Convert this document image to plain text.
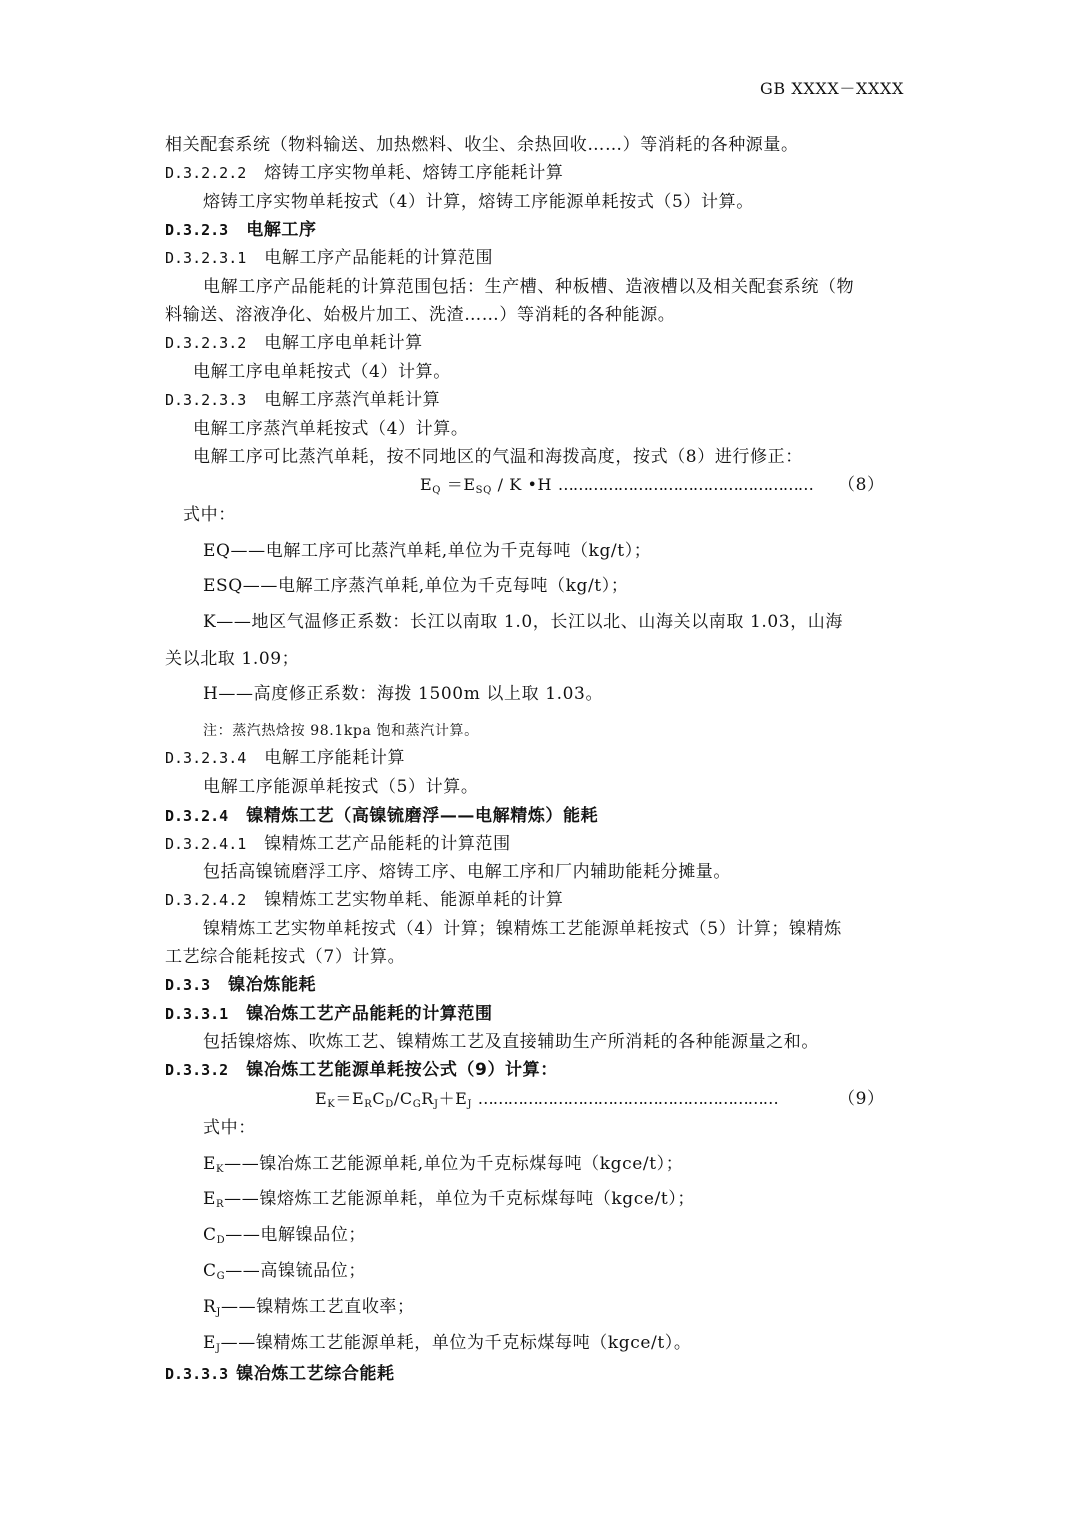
GB XXXX－XXXX
相关配套系统（物料输送、加热燃料、收尘、余热回收……）等消耗的各种源量。
D.3.2.2.2 熔铸工序实物单耗、熔铸工序能耗计算
熔铸工序实物单耗按式（4）计算，熔铸工序能源单耗按式（5）计算。
D.3.2.3 电解工序
D.3.2.3.1 电解工序产品能耗的计算范围
电解工序产品能耗的计算范围包括：生产槽、种板槽、造液槽以及相关配套系统（物
料输送、溶液净化、始极片加工、洗渣……）等消耗的各种能源。
D.3.2.3.2 电解工序电单耗计算
电解工序电单耗按式（4）计算。
D.3.2.3.3 电解工序蒸汽单耗计算
电解工序蒸汽单耗按式（4）计算。
电解工序可比蒸汽单耗，按不同地区的气温和海拨高度，按式（8）进行修正：
$E_Q =E_{SQ} / K$ •H …………………………………………… （8）
式中：
EQ——电解工序可比蒸汽单耗,单位为千克每吨（kg/t）；
ESQ——电解工序蒸汽单耗,单位为千克每吨（kg/t）；
K——地区气温修正系数：长江以南取 1.0，长江以北、山海关以南取 1.03，山海
关以北取 1.09；
H——高度修正系数：海拨 1500m 以上取 1.03。
注：蒸汽热焓按 98.1kpa 饱和蒸汽计算。
D.3.2.3.4 电解工序能耗计算
电解工序能源单耗按式（5）计算。
D.3.2.4 镍精炼工艺（高镍锍磨浮——电解精炼）能耗
D.3.2.4.1 镍精炼工艺产品能耗的计算范围
包括高镍锍磨浮工序、熔铸工序、电解工序和厂内辅助能耗分摊量。
D.3.2.4.2 镍精炼工艺实物单耗、能源单耗的计算
镍精炼工艺实物单耗按式（4）计算；镍精炼工艺能源单耗按式（5）计算；镍精炼
工艺综合能耗按式（7）计算。
D.3.3 镍冶炼能耗
D.3.3.1 镍冶炼工艺产品能耗的计算范围
包括镍熔炼、吹炼工艺、镍精炼工艺及直接辅助生产所消耗的各种能源量之和。
D.3.3.2 镍冶炼工艺能源单耗按公式（9）计算：
$E_K=E_RC_D/C_GR_J+E_J$ ……………………………………………………	（9）
式中：
$E_K——$镍冶炼工艺能源单耗,单位为千克标煤每吨（kgce/t）；
$E_R——$镍熔炼工艺能源单耗，单位为千克标煤每吨（kgce/t）；
$C_D——$电解镍品位；
$C_G——$高镍锍品位；
$R_J——$镍精炼工艺直收率；
$E_J——$镍精炼工艺能源单耗，单位为千克标煤每吨（kgce/t）。
D.3.3.3 镍冶炼工艺综合能耗
